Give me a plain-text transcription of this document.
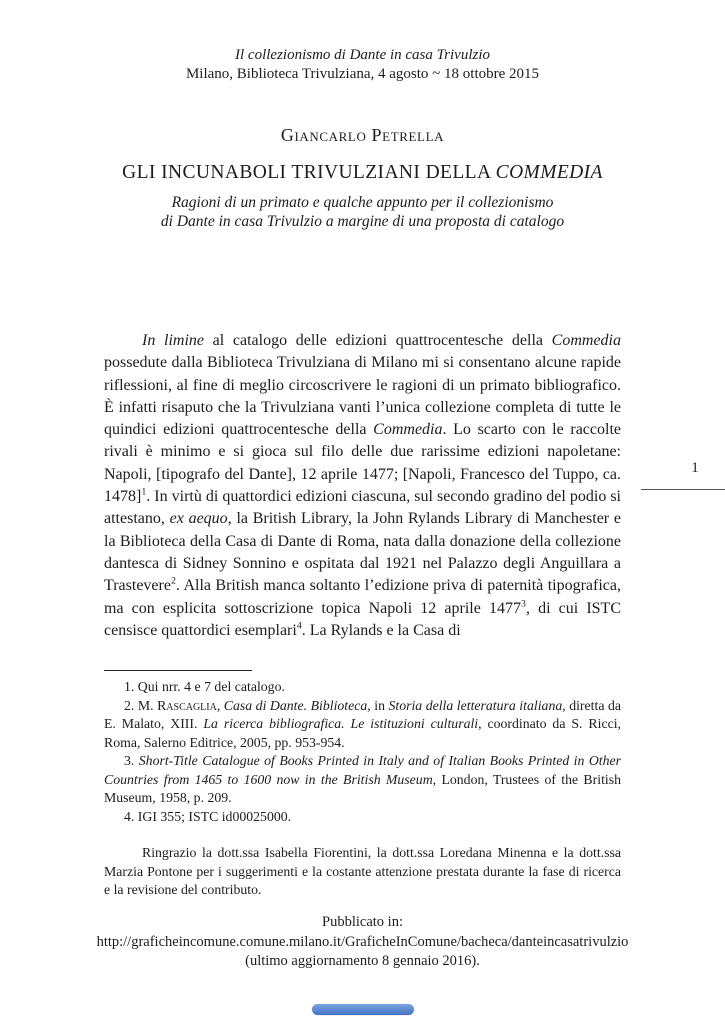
Il collezionismo di Dante in casa Trivulzio
Milano, Biblioteca Trivulziana, 4 agosto ~ 18 ottobre 2015
Giancarlo Petrella
GLI INCUNABOLI TRIVULZIANI DELLA COMMEDIA
Ragioni di un primato e qualche appunto per il collezionismo
di Dante in casa Trivulzio a margine di una proposta di catalogo

In limine al catalogo delle edizioni quattrocentesche della Commedia possedute dalla Biblioteca Trivulziana di Milano mi si consentano alcune rapide riflessioni, al fine di meglio circoscrivere le ragioni di un primato bibliografico. È infatti risaputo che la Trivulziana vanti l’unica collezione completa di tutte le quindici edizioni quattrocentesche della Commedia. Lo scarto con le raccolte rivali è minimo e si gioca sul filo delle due rarissime edizioni napoletane: Napoli, [tipografo del Dante], 12 aprile 1477; [Napoli, Francesco del Tuppo, ca. 1478]$^1$. In virtù di quattordici edizioni ciascuna, sul secondo gradino del podio si attestano, ex aequo, la British Library, la John Rylands Library di Manchester e la Biblioteca della Casa di Dante di Roma, nata dalla donazione della collezione dantesca di Sidney Sonnino e ospitata dal 1921 nel Palazzo degli Anguillara a Trastevere$^2$. Alla British manca soltanto l’edizione priva di paternità tipografica, ma con esplicita sottoscrizione topica Napoli 12 aprile 1477$^3$, di cui ISTC censisce quattordici esemplari$^4$. La Rylands e la Casa di

1

1. Qui nrr. 4 e 7 del catalogo.

2. M. Rascaglia, Casa di Dante. Biblioteca, in Storia della letteratura italiana, diretta da E. Malato, XIII. La ricerca bibliografica. Le istituzioni culturali, coordinato da S. Ricci, Roma, Salerno Editrice, 2005, pp. 953-954.

3. Short-Title Catalogue of Books Printed in Italy and of Italian Books Printed in Other Countries from 1465 to 1600 now in the British Museum, London, Trustees of the British Museum, 1958, p. 209.

4. IGI 355; ISTC id00025000.

Ringrazio la dott.ssa Isabella Fiorentini, la dott.ssa Loredana Minenna e la dott.ssa Marzia Pontone per i suggerimenti e la costante attenzione prestata durante la fase di ricerca e la revisione del contributo.

Pubblicato in:
http://graficheincomune.comune.milano.it/GraficheInComune/bacheca/danteincasatrivulzio
(ultimo aggiornamento 8 gennaio 2016).
